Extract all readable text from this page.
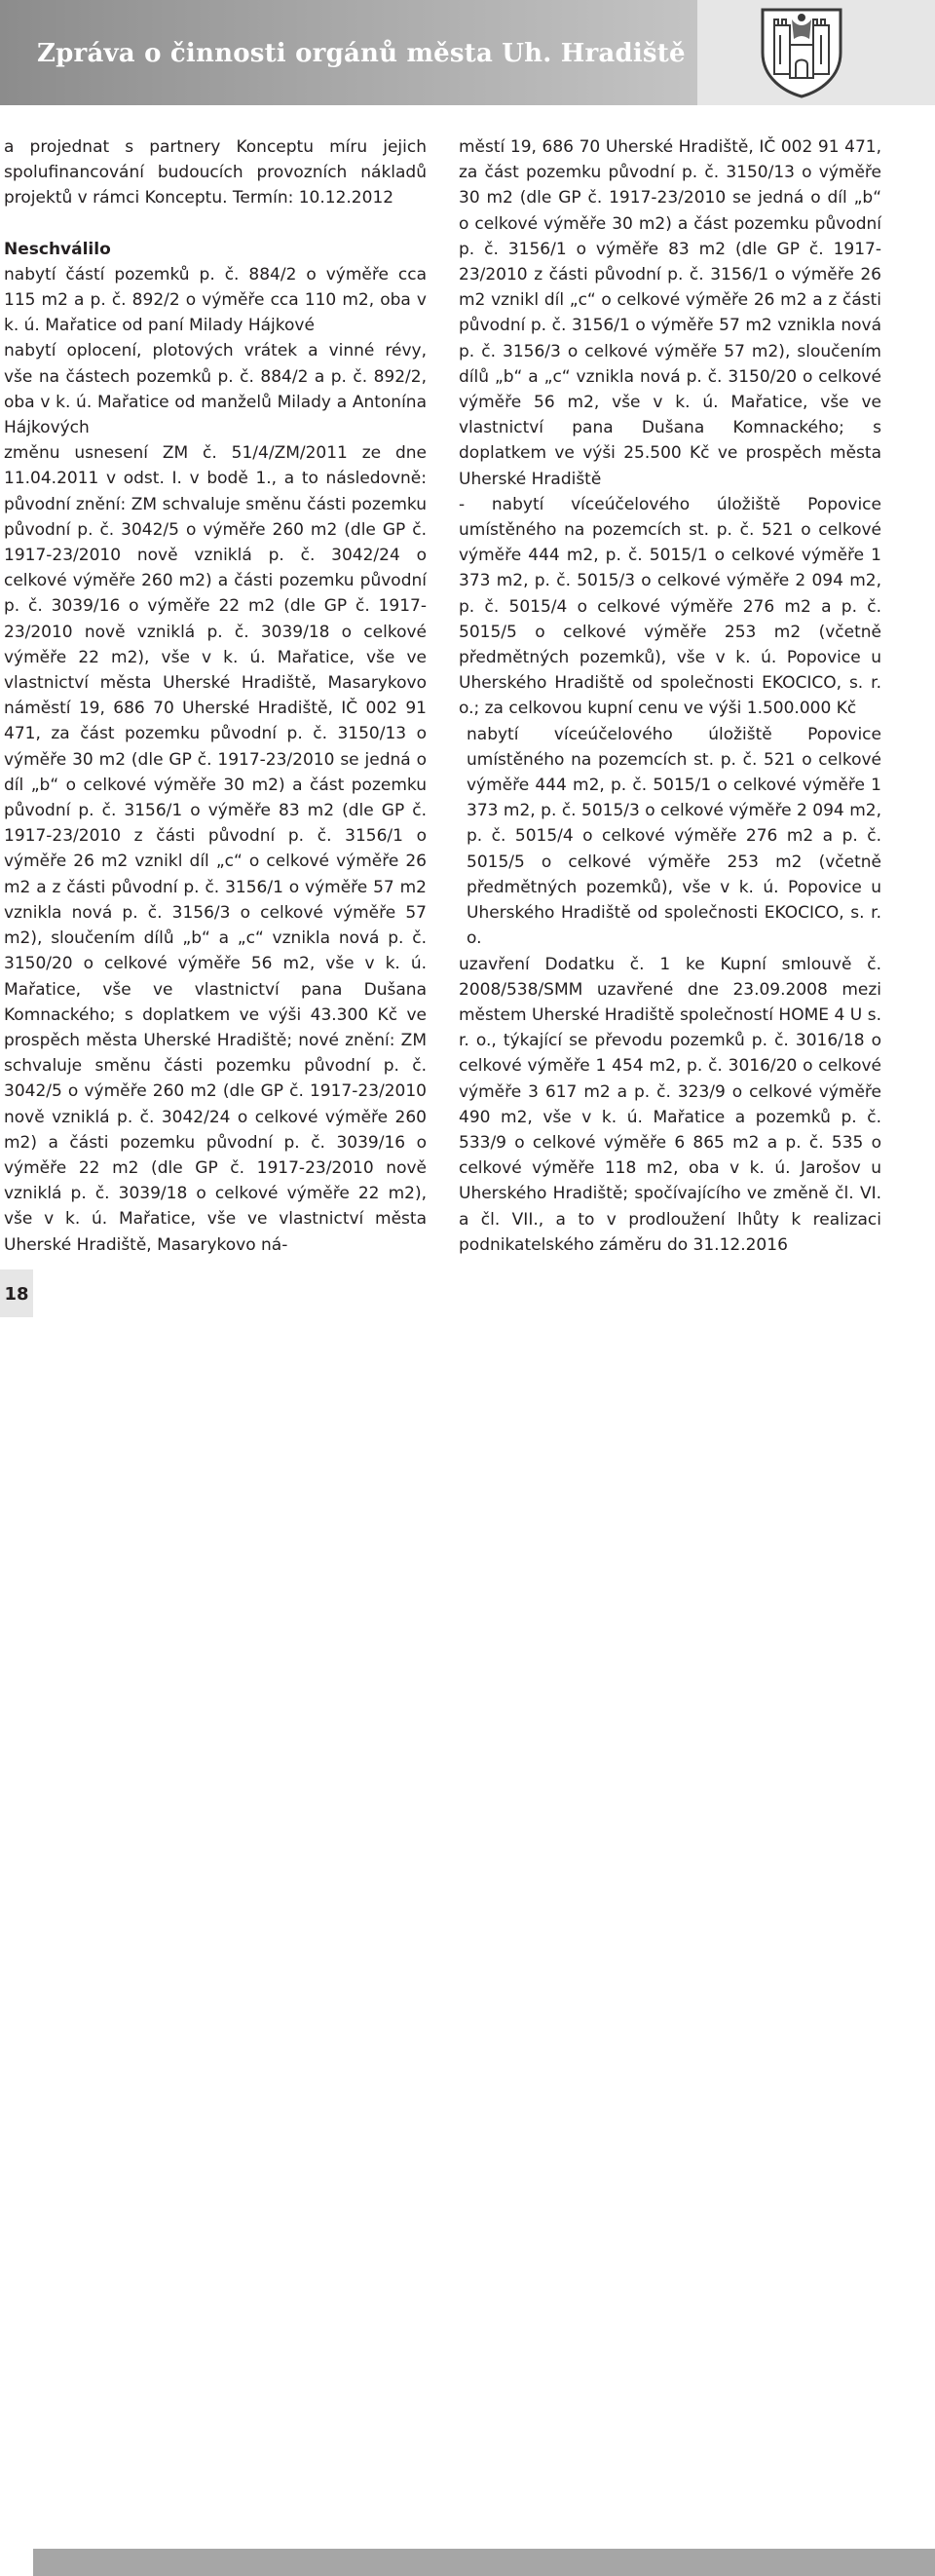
Zpráva o činnosti orgánů města Uh. Hradiště

a projednat s partnery Konceptu míru jejich spolufinancování budoucích provozních nákladů projektů v rámci Konceptu. Termín: 10.12.2012

Neschválilo

nabytí částí pozemků p. č. 884/2 o výměře cca 115 m2 a p. č. 892/2 o výměře cca 110 m2, oba v k. ú. Mařatice od paní Milady Hájkové

nabytí oplocení, plotových vrátek a vinné révy, vše na částech pozemků p. č. 884/2 a p. č. 892/2, oba v k. ú. Mařatice od manželů Milady a Antonína Hájkových

změnu usnesení ZM č. 51/4/ZM/2011 ze dne 11.04.2011 v odst. I. v bodě 1., a to následovně: původní znění: ZM schvaluje směnu části pozemku původní p. č. 3042/5 o výměře 260 m2 (dle GP č. 1917-23/2010 nově vzniklá p. č. 3042/24 o celkové výměře 260 m2) a části pozemku původní p. č. 3039/16 o výměře 22 m2 (dle GP č. 1917-23/2010 nově vzniklá p. č. 3039/18 o celkové výměře 22 m2), vše v k. ú. Mařatice, vše ve vlastnictví města Uherské Hradiště, Masarykovo náměstí 19, 686 70 Uherské Hradiště, IČ 002 91 471, za část pozemku původní p. č. 3150/13 o výměře 30 m2 (dle GP č. 1917-23/2010 se jedná o díl „b“ o celkové výměře 30 m2) a část pozemku původní p. č. 3156/1 o výměře 83 m2 (dle GP č. 1917-23/2010 z části původní p. č. 3156/1 o výměře 26 m2 vznikl díl „c“ o celkové výměře 26 m2 a z části původní p. č. 3156/1 o výměře 57 m2 vznikla nová p. č. 3156/3 o celkové výměře 57 m2), sloučením dílů „b“ a „c“ vznikla nová p. č. 3150/20 o celkové výměře 56 m2, vše v k. ú. Mařatice, vše ve vlastnictví pana Dušana Komnackého; s doplatkem ve výši 43.300 Kč ve prospěch města Uherské Hradiště; nové znění: ZM schvaluje směnu části pozemku původní p. č. 3042/5 o výměře 260 m2 (dle GP č. 1917-23/2010 nově vzniklá p. č. 3042/24 o celkové výměře 260 m2) a části pozemku původní p. č. 3039/16 o výměře 22 m2 (dle GP č. 1917-23/2010 nově vzniklá p. č. 3039/18 o celkové výměře 22 m2), vše v k. ú. Mařatice, vše ve vlastnictví města Uherské Hradiště, Masarykovo ná-

městí 19, 686 70 Uherské Hradiště, IČ 002 91 471, za část pozemku původní p. č. 3150/13 o výměře 30 m2 (dle GP č. 1917-23/2010 se jedná o díl „b“ o celkové výměře 30 m2) a část pozemku původní p. č. 3156/1 o výměře 83 m2 (dle GP č. 1917-23/2010 z části původní p. č. 3156/1 o výměře 26 m2 vznikl díl „c“ o celkové výměře 26 m2 a z části původní p. č. 3156/1 o výměře 57 m2 vznikla nová p. č. 3156/3 o celkové výměře 57 m2), sloučením dílů „b“ a „c“ vznikla nová p. č. 3150/20 o celkové výměře 56 m2, vše v k. ú. Mařatice, vše ve vlastnictví pana Dušana Komnackého; s doplatkem ve výši 25.500 Kč ve prospěch města Uherské Hradiště

- nabytí víceúčelového úložiště Popovice umístěného na pozemcích st. p. č. 521 o celkové výměře 444 m2, p. č. 5015/1 o celkové výměře 1 373 m2, p. č. 5015/3 o celkové výměře 2 094 m2, p. č. 5015/4 o celkové výměře 276 m2 a p. č. 5015/5 o celkové výměře 253 m2 (včetně předmětných pozemků), vše v k. ú. Popovice u Uherského Hradiště od společnosti EKOCICO, s. r. o.; za celkovou kupní cenu ve výši 1.500.000 Kč

nabytí víceúčelového úložiště Popovice umístěného na pozemcích st. p. č. 521 o celkové výměře 444 m2, p. č. 5015/1 o celkové výměře 1 373 m2, p. č. 5015/3 o celkové výměře 2 094 m2, p. č. 5015/4 o celkové výměře 276 m2 a p. č. 5015/5 o celkové výměře 253 m2 (včetně předmětných pozemků), vše v k. ú. Popovice u Uherského Hradiště od společnosti EKOCICO, s. r. o.

uzavření Dodatku č. 1 ke Kupní smlouvě č. 2008/538/SMM uzavřené dne 23.09.2008 mezi městem Uherské Hradiště společností HOME 4 U s. r. o., týkající se převodu pozemků p. č. 3016/18 o celkové výměře 1 454 m2, p. č. 3016/20 o celkové výměře 3 617 m2 a p. č. 323/9 o celkové výměře 490 m2, vše v k. ú. Mařatice a pozemků p. č. 533/9 o celkové výměře 6 865 m2 a p. č. 535 o celkové výměře 118 m2, oba v k. ú. Jarošov u Uherského Hradiště; spočívajícího ve změně čl. VI. a čl. VII., a to v prodloužení lhůty k realizaci podnikatelského záměru do 31.12.2016

18
